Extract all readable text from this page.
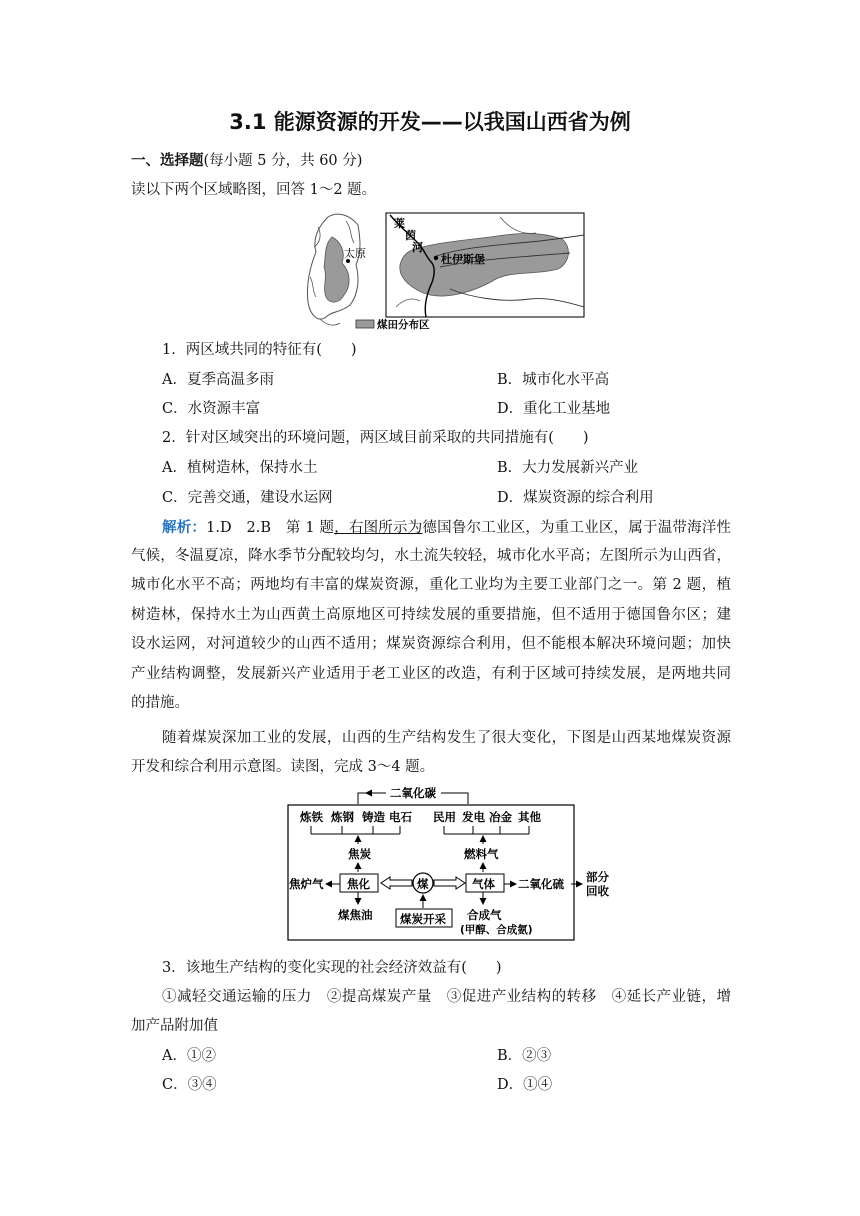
3.1 能源资源的开发——以我国山西省为例
一、选择题(每小题 5 分，共 60 分)
读以下两个区域略图，回答 1～2 题。
太原
莱
茵
河
杜伊斯堡
煤田分布区
1．两区域共同的特征有(　　)
A．夏季高温多雨	B．城市化水平高
C．水资源丰富	D．重化工业基地
2．针对区域突出的环境问题，两区域目前采取的共同措施有(　　)
A．植树造林，保持水土	B．大力发展新兴产业
C．完善交通，建设水运网	D．煤炭资源的综合利用
解析：1.D　2.B　第 1 题，右图所示为德国鲁尔工业区，为重工业区，属于温带海洋性
气候，冬温夏凉，降水季节分配较均匀，水土流失较轻，城市化水平高；左图所示为山西省，
城市化水平不高；两地均有丰富的煤炭资源，重化工业均为主要工业部门之一。第 2 题，植
树造林，保持水土为山西黄土高原地区可持续发展的重要措施，但不适用于德国鲁尔区；建
设水运网，对河道较少的山西不适用；煤炭资源综合利用，但不能根本解决环境问题；加快
产业结构调整，发展新兴产业适用于老工业区的改造，有利于区域可持续发展，是两地共同
的措施。
随着煤炭深加工业的发展，山西的生产结构发生了很大变化，下图是山西某地煤炭资源
开发和综合利用示意图。读图，完成 3～4 题。
二氧化碳
炼铁 炼钢 铸造 电石 民用 发电 冶金 其他
焦炭	燃料气
焦炉气 焦化	煤	气体 二氧化硫 部分
回收
煤焦油 煤炭开采 合成气
(甲醇、合成氨)
3．该地生产结构的变化实现的社会经济效益有(　　)
①减轻交通运输的压力　②提高煤炭产量　③促进产业结构的转移　④延长产业链，增
加产品附加值
A．①②	B．②③
C．③④	D．①④
